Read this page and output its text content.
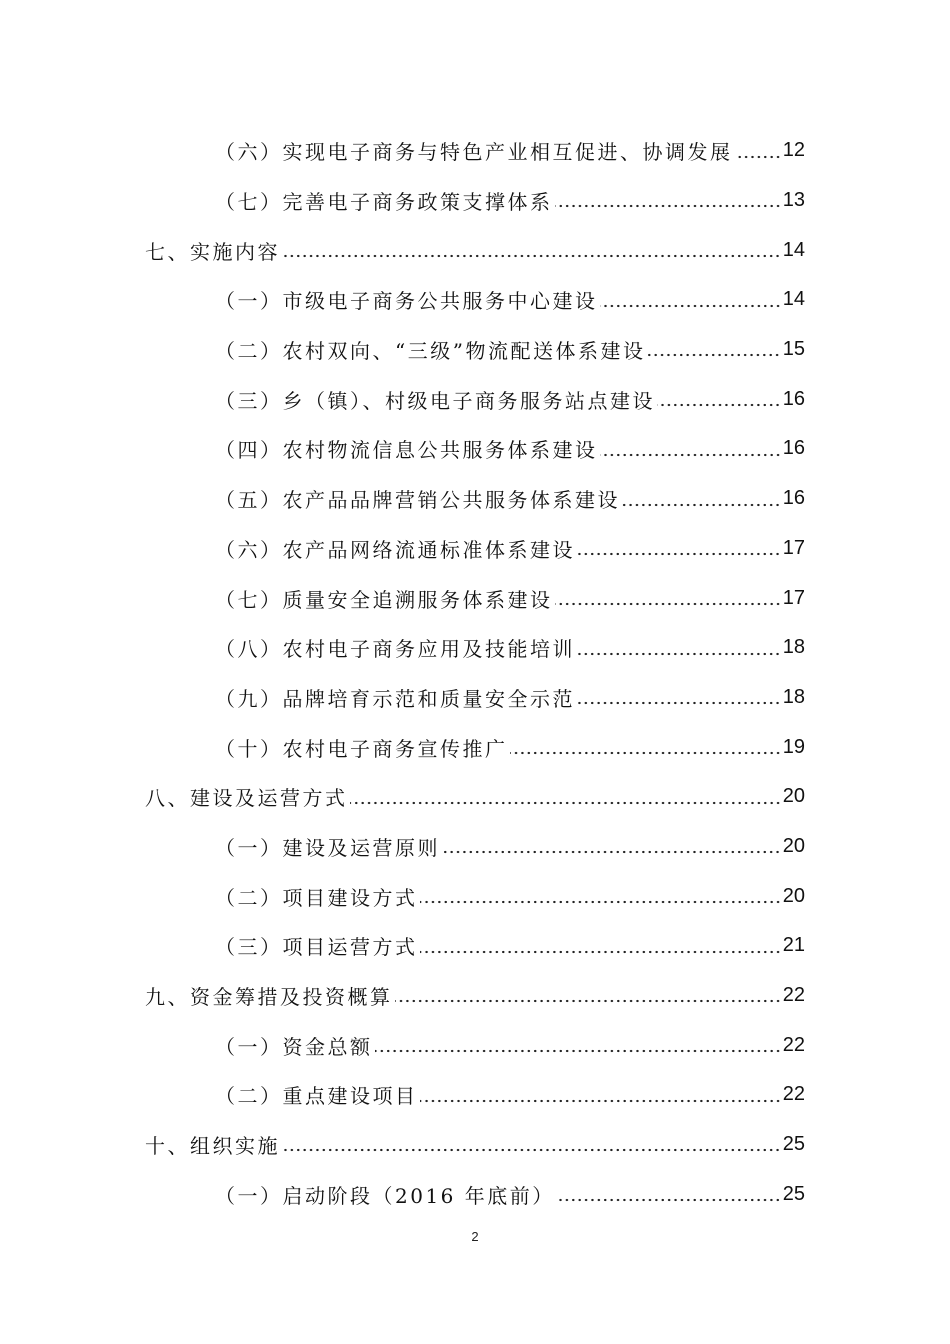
（六）实现电子商务与特色产业相互促进、协调发展	12
（七）完善电子商务政策支撑体系	13
七、实施内容	14
（一）市级电子商务公共服务中心建设	14
（二）农村双向、“三级”物流配送体系建设	15
（三）乡（镇）、村级电子商务服务站点建设	16
（四）农村物流信息公共服务体系建设	16
（五）农产品品牌营销公共服务体系建设	16
（六）农产品网络流通标准体系建设	17
（七）质量安全追溯服务体系建设	17
（八）农村电子商务应用及技能培训	18
（九）品牌培育示范和质量安全示范	18
（十）农村电子商务宣传推广	19
八、建设及运营方式	20
（一）建设及运营原则	20
（二）项目建设方式	20
（三）项目运营方式	21
九、资金筹措及投资概算	22
（一）资金总额	22
（二）重点建设项目	22
十、组织实施	25
（一）启动阶段（2016 年底前）	25
2
